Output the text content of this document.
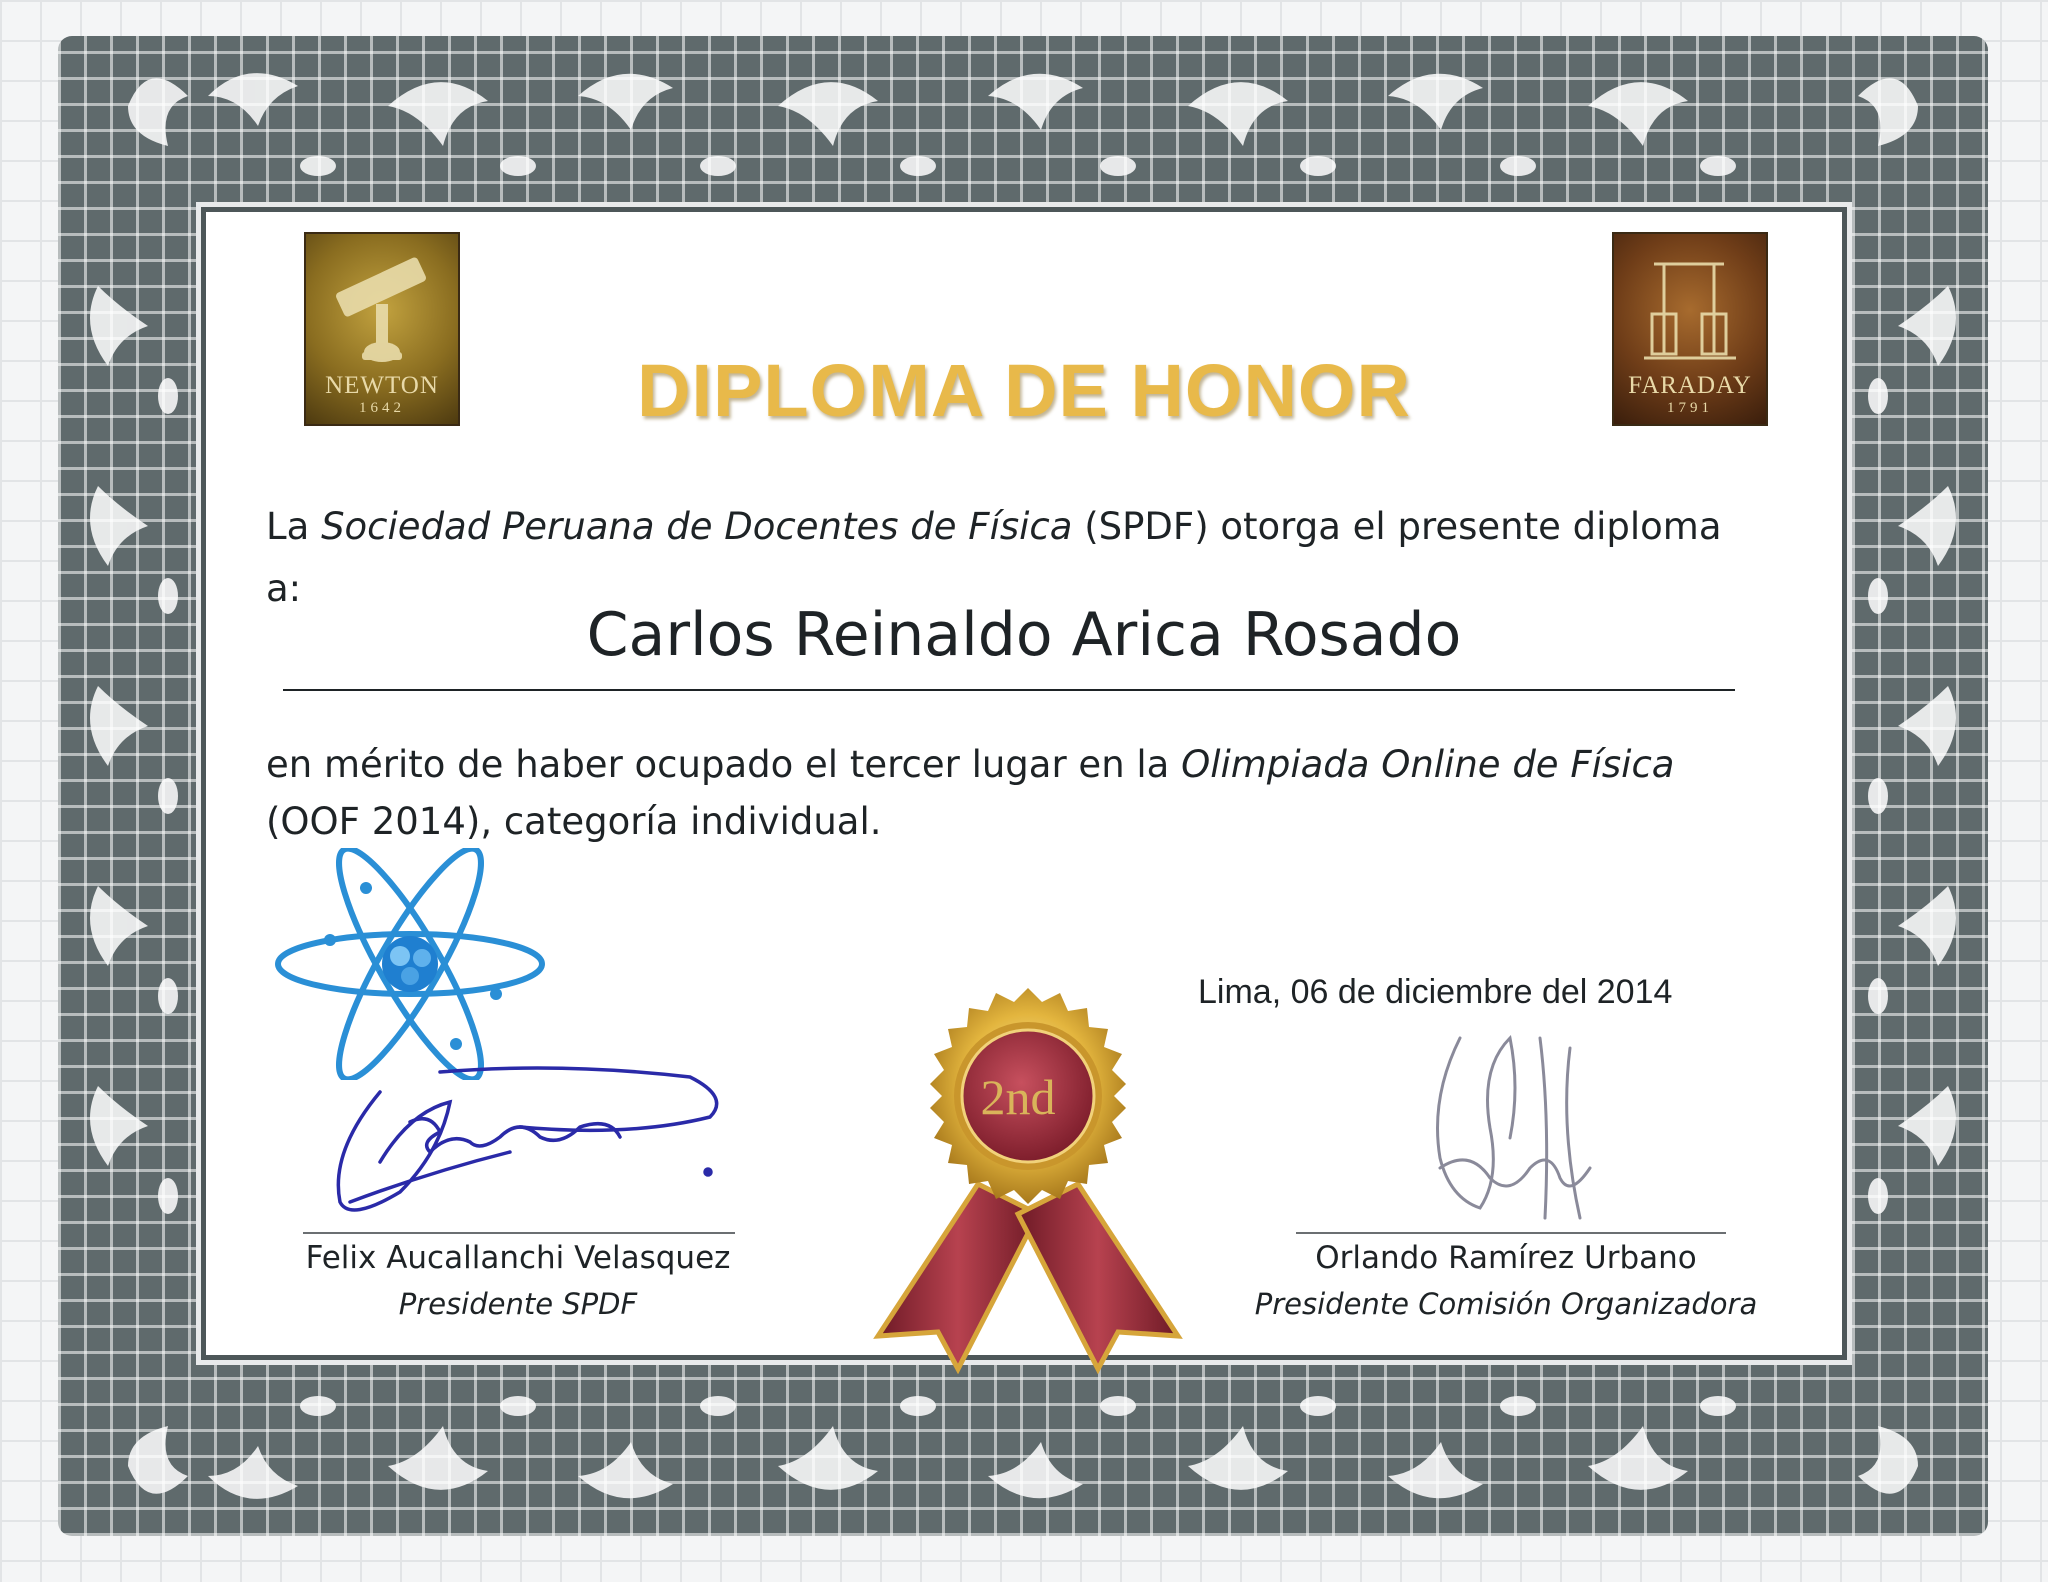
NEWTON
1642
FARADAY
1791
DIPLOMA DE HONOR
La Sociedad Peruana de Docentes de Física (SPDF) otorga el presente diploma
a:
Carlos Reinaldo Arica Rosado
en mérito de haber ocupado el tercer lugar en la Olimpiada Online de Física
(OOF 2014), categoría individual.
Lima, 06 de diciembre del 2014
2nd
Felix Aucallanchi Velasquez
Presidente SPDF
Orlando Ramírez Urbano
Presidente Comisión Organizadora
